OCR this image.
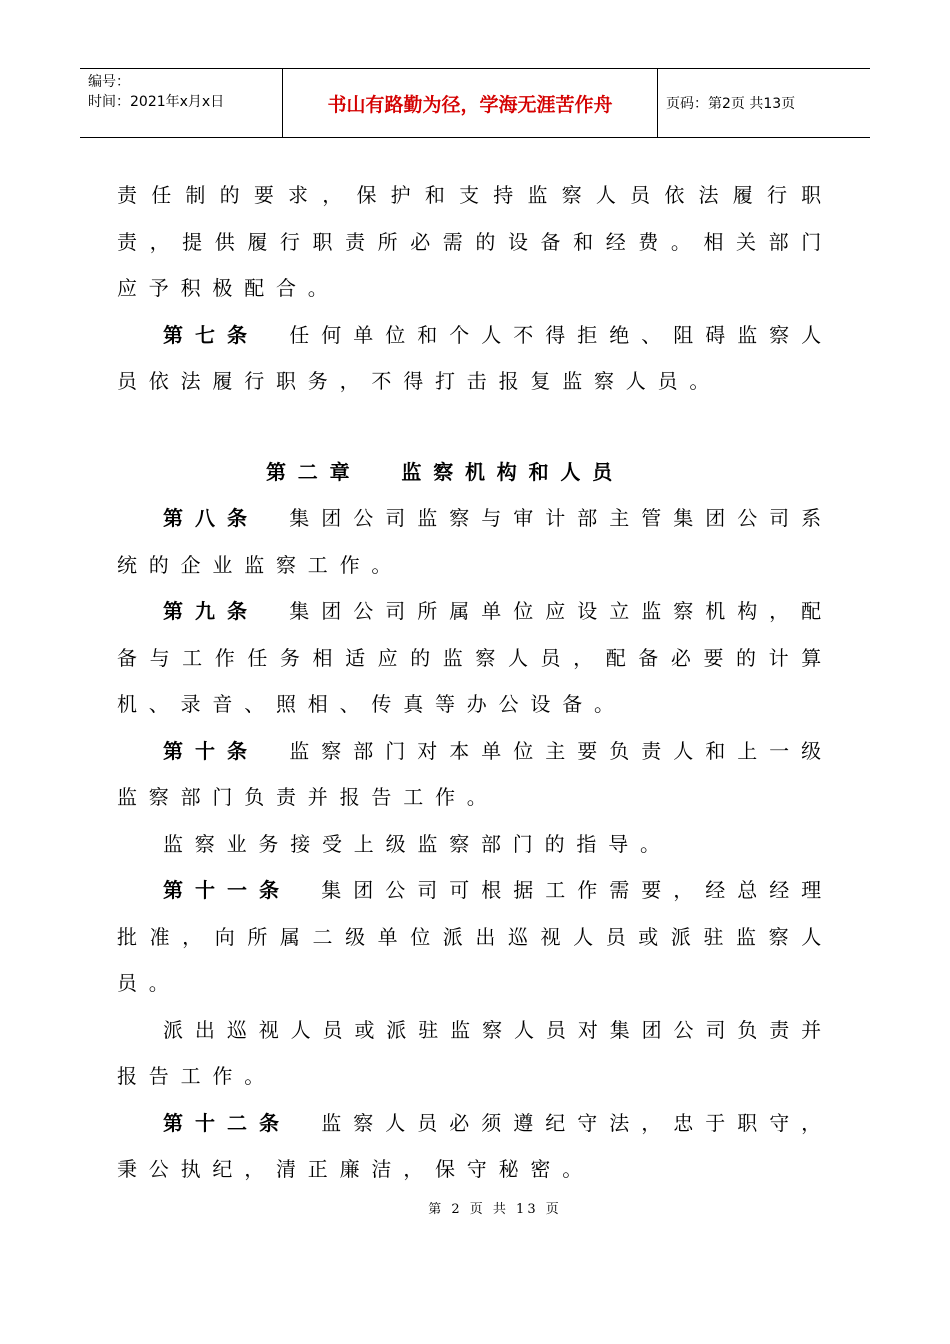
编号：
时间：2021年x月x日	书山有路勤为径，学海无涯苦作舟	页码：第2页 共13页

责任制的要求，保护和支持监察人员依法履行职责，提供履行职责所必需的设备和经费。相关部门应予积极配合。

第七条 任何单位和个人不得拒绝、阻碍监察人员依法履行职务，不得打击报复监察人员。

第二章 监察机构和人员

第八条 集团公司监察与审计部主管集团公司系统的企业监察工作。

第九条 集团公司所属单位应设立监察机构，配备与工作任务相适应的监察人员，配备必要的计算机、录音、照相、传真等办公设备。

第十条 监察部门对本单位主要负责人和上一级监察部门负责并报告工作。

监察业务接受上级监察部门的指导。

第十一条 集团公司可根据工作需要，经总经理批准，向所属二级单位派出巡视人员或派驻监察人员。

派出巡视人员或派驻监察人员对集团公司负责并报告工作。

第十二条 监察人员必须遵纪守法，忠于职守，秉公执纪，清正廉洁，保守秘密。

第 2 页 共 13 页
